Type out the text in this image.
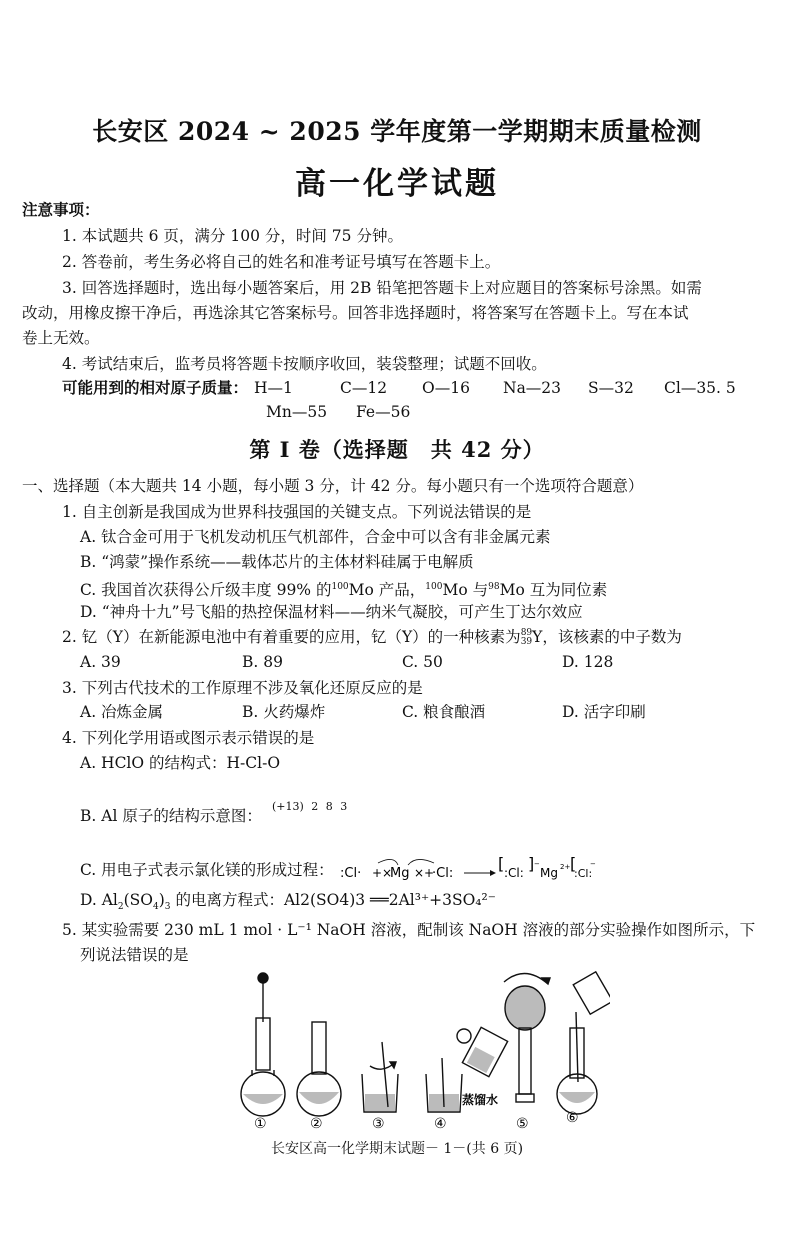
长安区 2024 ~ 2025 学年度第一学期期末质量检测
高一化学试题
注意事项：
1. 本试题共 6 页，满分 100 分，时间 75 分钟。
2. 答卷前，考生务必将自己的姓名和准考证号填写在答题卡上。
3. 回答选择题时，选出每小题答案后，用 2B 铅笔把答题卡上对应题目的答案标号涂黑。如需
改动，用橡皮擦干净后，再选涂其它答案标号。回答非选择题时，将答案写在答题卡上。写在本试
卷上无效。
4. 考试结束后，监考员将答题卡按顺序收回，装袋整理；试题不回收。
可能用到的相对原子质量： H—1	C—12 O—16 Na—23 S—32 Cl—35. 5
Mn—55 Fe—56
第 Ⅰ 卷（选择题　共 42 分）
一、选择题（本大题共 14 小题，每小题 3 分，计 42 分。每小题只有一个选项符合题意）
1. 自主创新是我国成为世界科技强国的关键支点。下列说法错误的是
A. 钛合金可用于飞机发动机压气机部件，合金中可以含有非金属元素
B. “鸿蒙”操作系统——载体芯片的主体材料硅属于电解质
C. 我国首次获得公斤级丰度 99% 的$^{100}$Mo 产品，$^{100}$Mo 与$^{98}$Mo 互为同位素
D. “神舟十九”号飞船的热控保温材料——纳米气凝胶，可产生丁达尔效应
2. 钇（Y）在新能源电池中有着重要的应用，钇（Y）的一种核素为89
39Y，该核素的中子数为
A. 39	B. 89	C. 50	D. 128
3. 下列古代技术的工作原理不涉及氧化还原反应的是
A. 冶炼金属	B. 火药爆炸	C. 粮食酿酒	D. 活字印刷
4. 下列化学用语或图示表示错误的是
A. HClO 的结构式：H-Cl-O
B. Al 原子的结构示意图：
(+13) 2 8 3
C. 用电子式表示氯化镁的形成过程： :Cl· +×
Mg ×+
·Cl:
[ :Cl: ] −
Mg 2+ [
:Cl:
−
D. $Al_2(SO_4)_3$ 的电离方程式：Al2(SO4)3 ══2Al³⁺+3SO₄²⁻
5. 某实验需要 230 mL 1 mol · L⁻¹ NaOH 溶液，配制该 NaOH 溶液的部分实验操作如图所示，下
列说法错误的是
①	②	③
蒸馏水
④	⑤	⑥
长安区高一化学期末试题－ 1－(共 6 页)
